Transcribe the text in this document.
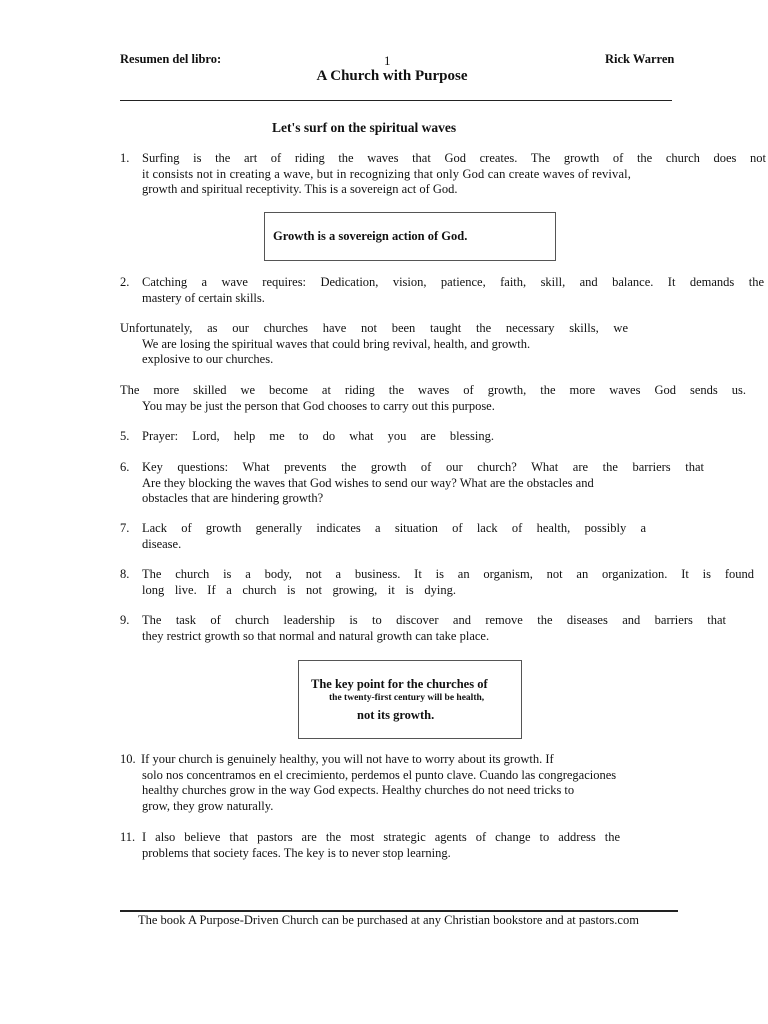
Resumen del libro:	1	Rick Warren
A Church with Purpose
Let's surf on the spiritual waves
1.	Surfing is the art of riding the waves that God creates. The growth of the church does not
it consists not in creating a wave, but in recognizing that only God can create waves of revival,
growth and spiritual receptivity. This is a sovereign act of God.
Growth is a sovereign action of God.
2.	Catching a wave requires: Dedication, vision, patience, faith, skill, and balance. It demands the
mastery of certain skills.
Unfortunately, as our churches have not been taught the necessary skills, we
We are losing the spiritual waves that could bring revival, health, and growth.
explosive to our churches.
The more skilled we become at riding the waves of growth, the more waves God sends us.
You may be just the person that God chooses to carry out this purpose.
5.	Prayer: Lord, help me to do what you are blessing.
6.	Key questions: What prevents the growth of our church? What are the barriers that
Are they blocking the waves that God wishes to send our way? What are the obstacles and
obstacles that are hindering growth?
7.	Lack of growth generally indicates a situation of lack of health, possibly a
disease.
8.	The church is a body, not a business. It is an organism, not an organization. It is found
long live. If a church is not growing, it is dying.
9.	The task of church leadership is to discover and remove the diseases and barriers that
they restrict growth so that normal and natural growth can take place.
The key point for the churches of
the twenty-first century will be health,
not its growth.
10. If your church is genuinely healthy, you will not have to worry about its growth. If
solo nos concentramos en el crecimiento, perdemos el punto clave. Cuando las congregaciones
healthy churches grow in the way God expects. Healthy churches do not need tricks to
grow, they grow naturally.
11. I also believe that pastors are the most strategic agents of change to address the
problems that society faces. The key is to never stop learning.
The book A Purpose-Driven Church can be purchased at any Christian bookstore and at pastors.com
